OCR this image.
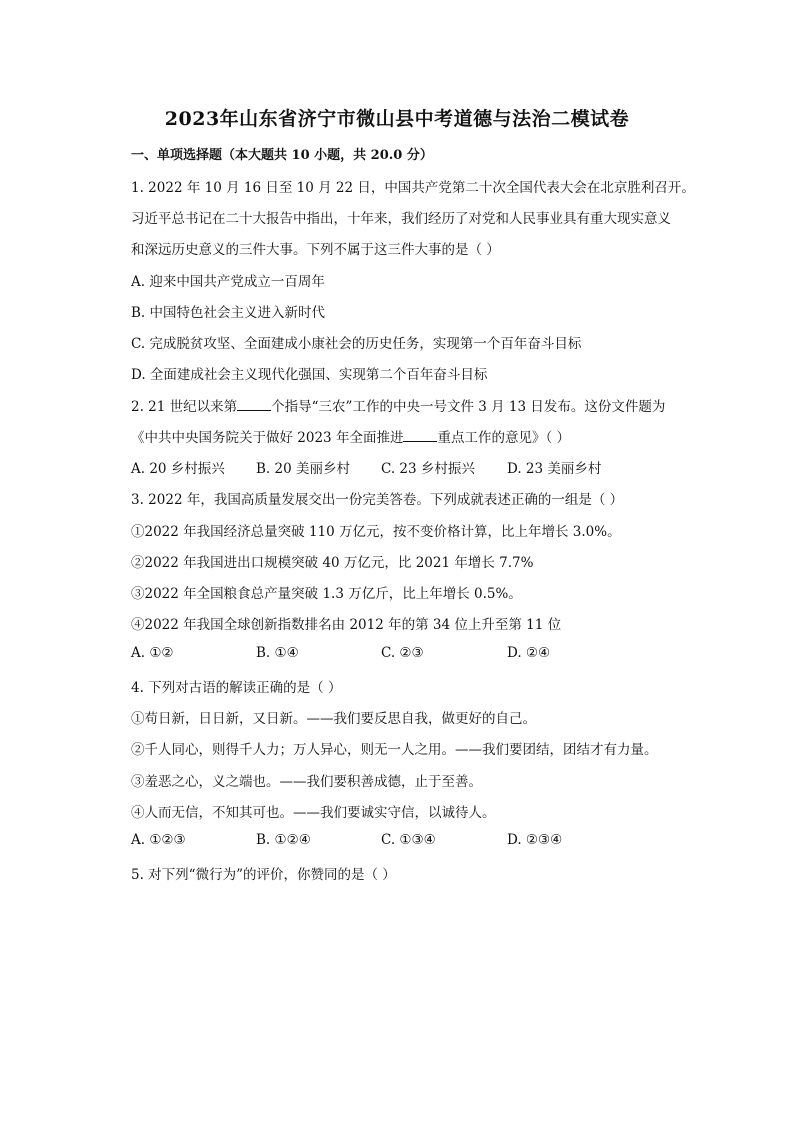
2023年山东省济宁市微山县中考道德与法治二模试卷
一、单项选择题（本大题共 10 小题，共 20.0 分）
1. 2022 年 10 月 16 日至 10 月 22 日，中国共产党第二十次全国代表大会在北京胜利召开。
习近平总书记在二十大报告中指出，十年来，我们经历了对党和人民事业具有重大现实意义
和深远历史意义的三件大事。下列不属于这三件大事的是（ ）
A. 迎来中国共产党成立一百周年
B. 中国特色社会主义进入新时代
C. 完成脱贫攻坚、全面建成小康社会的历史任务，实现第一个百年奋斗目标
D. 全面建成社会主义现代化强国、实现第二个百年奋斗目标
2. 21 世纪以来第	个指导“三农”工作的中央一号文件 3 月 13 日发布。这份文件题为
《中共中央国务院关于做好 2023 年全面推进	重点工作的意见》（ ）
A. 20 乡村振兴 B. 20 美丽乡村 C. 23 乡村振兴 D. 23 美丽乡村
3. 2022 年，我国高质量发展交出一份完美答卷。下列成就表述正确的一组是（ ）
①2022 年我国经济总量突破 110 万亿元，按不变价格计算，比上年增长 3.0%。
②2022 年我国进出口规模突破 40 万亿元，比 2021 年增长 7.7%
③2022 年全国粮食总产量突破 1.3 万亿斤，比上年增长 0.5%。
④2022 年我国全球创新指数排名由 2012 年的第 34 位上升至第 11 位
A. ①②	B. ①④	C. ②③	D. ②④
4. 下列对古语的解读正确的是（ ）
①苟日新，日日新，又日新。——我们要反思自我，做更好的自己。
②千人同心，则得千人力；万人异心，则无一人之用。——我们要团结，团结才有力量。
③羞恶之心，义之端也。——我们要积善成德，止于至善。
④人而无信，不知其可也。——我们要诚实守信，以诚待人。
A. ①②③	B. ①②④	C. ①③④	D. ②③④
5. 对下列“微行为”的评价，你赞同的是（ ）
